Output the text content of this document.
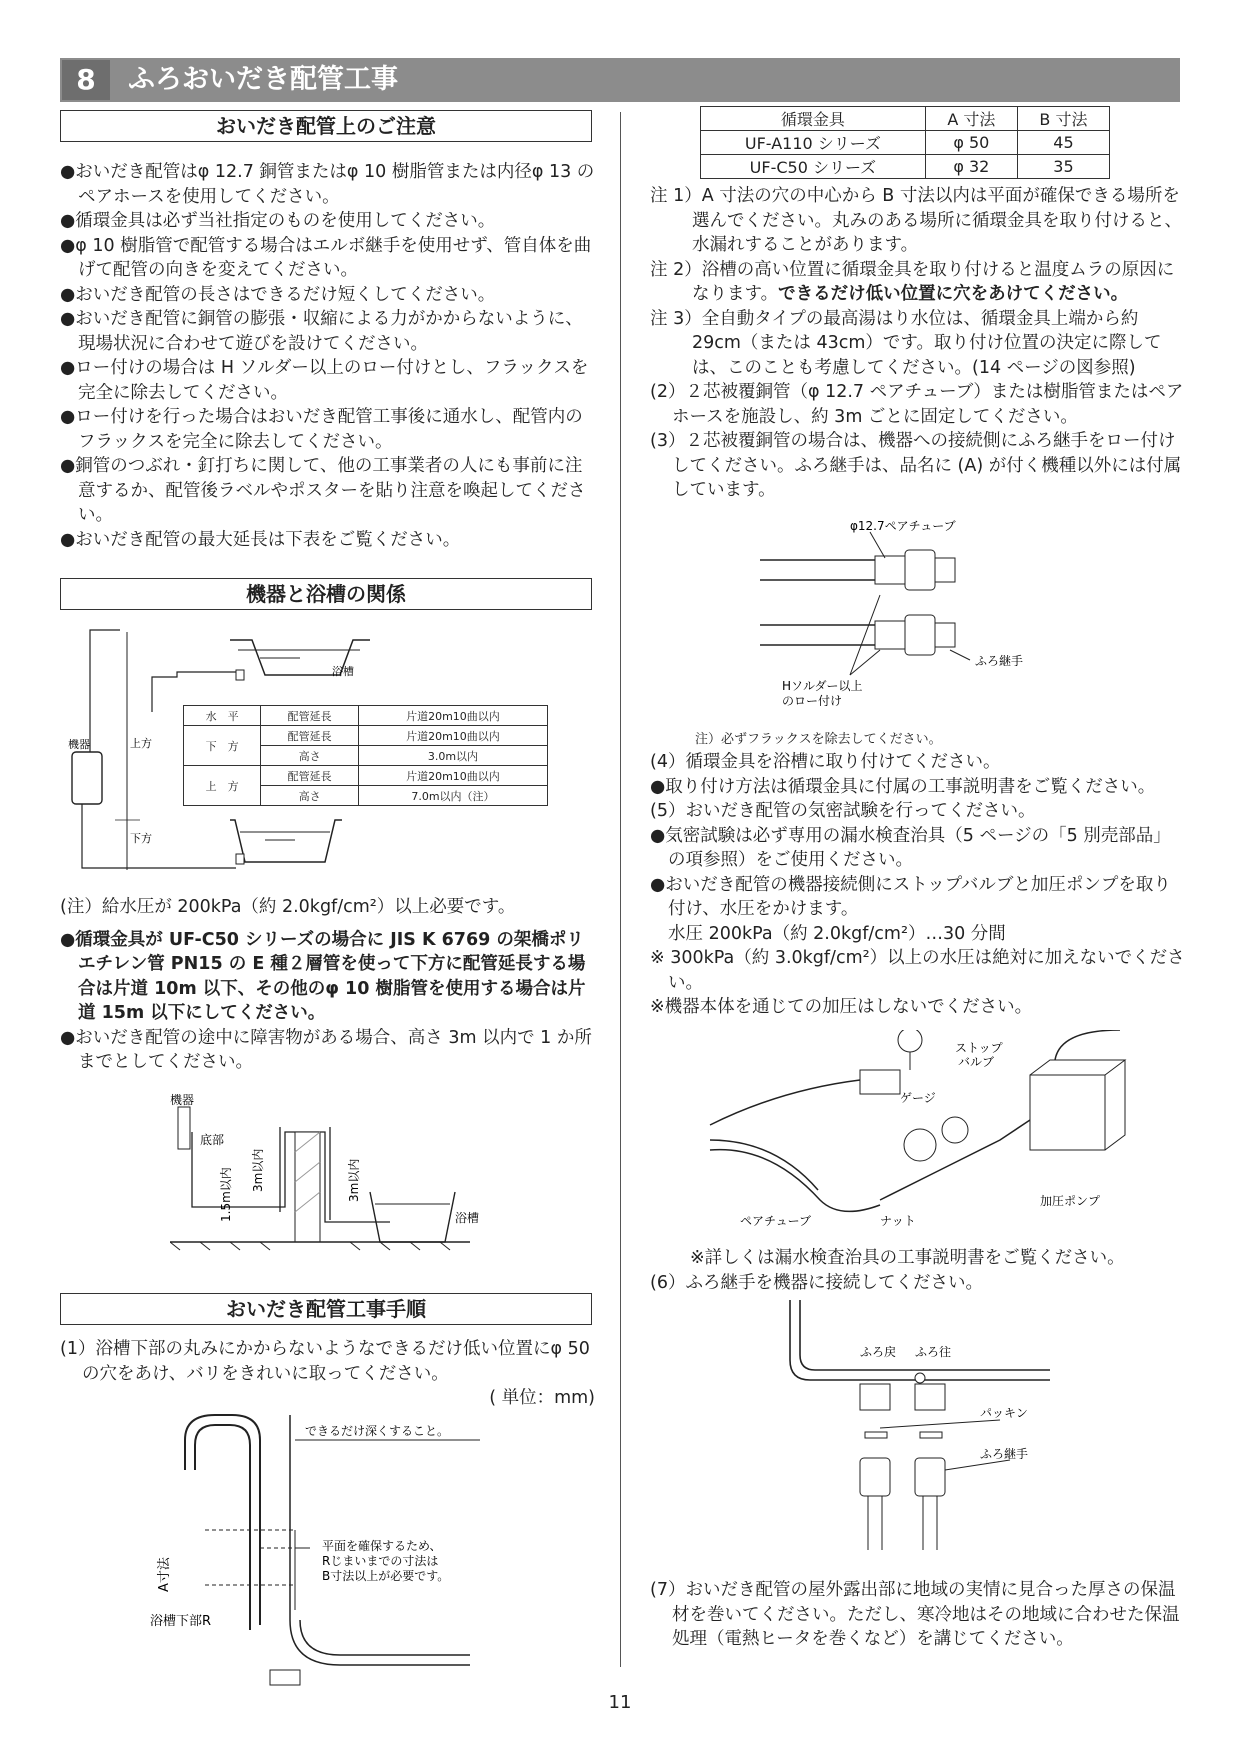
8	ふろおいだき配管工事
おいだき配管上のご注意

●おいだき配管はφ 12.7 銅管またはφ 10 樹脂管または内径φ 13 のペアホースを使用してください。

●循環金具は必ず当社指定のものを使用してください。

●φ 10 樹脂管で配管する場合はエルボ継手を使用せず、管自体を曲げて配管の向きを変えてください。

●おいだき配管の長さはできるだけ短くしてください。

●おいだき配管に銅管の膨張・収縮による力がかからないように、現場状況に合わせて遊びを設けてください。

●ロー付けの場合は H ソルダー以上のロー付けとし、フラックスを完全に除去してください。

●ロー付けを行った場合はおいだき配管工事後に通水し、配管内のフラックスを完全に除去してください。

●銅管のつぶれ・釘打ちに関して、他の工事業者の人にも事前に注意するか、配管後ラベルやポスターを貼り注意を喚起してください。

●おいだき配管の最大延長は下表をご覧ください。

機器と浴槽の関係
浴槽
機器	上方
下方
水　平	配管延長	片道20m10曲以内
下　方	配管延長	片道20m10曲以内
	高さ	3.0m以内
上　方	配管延長	片道20m10曲以内
	高さ	7.0m以内（注）

(注）給水圧が 200kPa（約 2.0kgf/cm²）以上必要です。

●循環金具が UF-C50 シリーズの場合に JIS K 6769 の架橋ポリエチレン管 PN15 の E 種２層管を使って下方に配管延長する場合は片道 10m 以下、その他のφ 10 樹脂管を使用する場合は片道 15m 以下にしてください。

●おいだき配管の途中に障害物がある場合、高さ 3m 以内で 1 か所までとしてください。

機器
底部
1.5m以内 3m以内	3m以内
浴槽
おいだき配管工事手順

(1）浴槽下部の丸みにかからないようなできるだけ低い位置にφ 50 の穴をあけ、バリをきれいに取ってください。

( 単位：mm)
浴槽下部R
A寸法
できるだけ深くすること。
平面を確保するため、
Rじまいまでの寸法は
B寸法以上が必要です。
循環金具	A 寸法	B 寸法
UF-A110 シリーズ	φ 50	45
UF-C50 シリーズ	φ 32	35

注 1）A 寸法の穴の中心から B 寸法以内は平面が確保できる場所を選んでください。丸みのある場所に循環金具を取り付けると、水漏れすることがあります。

注 2）浴槽の高い位置に循環金具を取り付けると温度ムラの原因になります。できるだけ低い位置に穴をあけてください。

注 3）全自動タイプの最高湯はり水位は、循環金具上端から約 29cm（または 43cm）です。取り付け位置の決定に際しては、このことも考慮してください。(14 ページの図参照)

(2）２芯被覆銅管（φ 12.7 ペアチューブ）または樹脂管またはペアホースを施設し、約 3m ごとに固定してください。

(3）２芯被覆銅管の場合は、機器への接続側にふろ継手をロー付けしてください。ふろ継手は、品名に (A) が付く機種以外には付属しています。

φ12.7ペアチューブ
ふろ継手
Hソルダー以上
のロー付け
注）必ずフラックスを除去してください。

(4）循環金具を浴槽に取り付けてください。

●取り付け方法は循環金具に付属の工事説明書をご覧ください。

(5）おいだき配管の気密試験を行ってください。

●気密試験は必ず専用の漏水検査治具（5 ページの「5 別売部品」の項参照）をご使用ください。

●おいだき配管の機器接続側にストップバルブと加圧ポンプを取り付け、水圧をかけます。

水圧 200kPa（約 2.0kgf/cm²）…30 分間

※ 300kPa（約 3.0kgf/cm²）以上の水圧は絶対に加えないでください。

※機器本体を通じての加圧はしないでください。

ストップ
バルブ
ゲージ
加圧ポンプ
ペアチューブ	ナット

※詳しくは漏水検査治具の工事説明書をご覧ください。

(6）ふろ継手を機器に接続してください。

ふろ戻 ふろ往
パッキン
ふろ継手

(7）おいだき配管の屋外露出部に地域の実情に見合った厚さの保温材を巻いてください。ただし、寒冷地はその地域に合わせた保温処理（電熱ヒータを巻くなど）を講じてください。

11
